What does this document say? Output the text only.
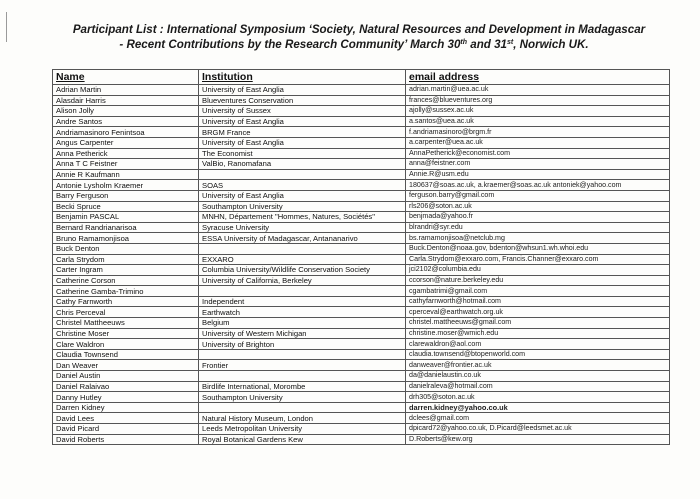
Participant List : International Symposium ‘Society, Natural Resources and Development in Madagascar
- Recent Contributions by the Research Community’ March 30th and 31st, Norwich UK.
Name	Institution	email address
Adrian Martin	University of East Anglia	adrian.martin@uea.ac.uk
Alasdair Harris	Blueventures Conservation	frances@blueventures.org
Alison Jolly	University of Sussex	ajolly@sussex.ac.uk
Andre Santos	University of East Anglia	a.santos@uea.ac.uk
Andriamasinoro Fenintsoa	BRGM France	f.andriamasinoro@brgm.fr
Angus Carpenter	University of East Anglia	a.carpenter@uea.ac.uk
Anna Petherick	The Economist	AnnaPetherick@economist.com
Anna T C Feistner	ValBio, Ranomafana	anna@feistner.com
Annie R Kaufmann		Annie.R@usm.edu
Antonie Lysholm Kraemer	SOAS	180637@soas.ac.uk, a.kraemer@soas.ac.uk antoniek@yahoo.com
Barry Ferguson	University of East Anglia	ferguson.barry@gmail.com
Becki Spruce	Southampton University	rls206@soton.ac.uk
Benjamin PASCAL	MNHN, Département "Hommes, Natures, Sociétés"	benjmada@yahoo.fr
Bernard Randrianarisoa	Syracuse University	blrandri@syr.edu
Bruno Ramamonjisoa	ESSA University of Madagascar, Antananarivo	bs.ramamonjisoa@netclub.mg
Buck Denton		Buck.Denton@noaa.gov, bdenton@whsun1.wh.whoi.edu
Carla Strydom	EXXARO	Carla.Strydom@exxaro.com, Francis.Channer@exxaro.com
Carter Ingram	Columbia University/Wildlife Conservation Society	jci2102@columbia.edu
Catherine Corson	University of California, Berkeley	ccorson@nature.berkeley.edu
Catherine Gamba-Trimino		cgambatrimi@gmail.com
Cathy Farnworth	Independent	cathyfarnworth@hotmail.com
Chris Perceval	Earthwatch	cperceval@earthwatch.org.uk
Christel Mattheeuws	Belgium	christel.mattheeuws@gmail.com
Christine Moser	University of Western Michigan	christine.moser@wmich.edu
Clare Waldron	University of Brighton	clarewaldron@aol.com
Claudia Townsend		claudia.townsend@btopenworld.com
Dan Weaver	Frontier	danweaver@frontier.ac.uk
Daniel Austin		da@danielaustin.co.uk
Daniel Ralaivao	Birdlife International, Morombe	danielraleva@hotmail.com
Danny Hutley	Southampton University	drh305@soton.ac.uk
Darren Kidney		darren.kidney@yahoo.co.uk
David Lees	Natural History Museum, London	dclees@gmail.com
David Picard	Leeds Metropolitan University	dpicard72@yahoo.co.uk, D.Picard@leedsmet.ac.uk
David Roberts	Royal Botanical Gardens Kew	D.Roberts@kew.org
